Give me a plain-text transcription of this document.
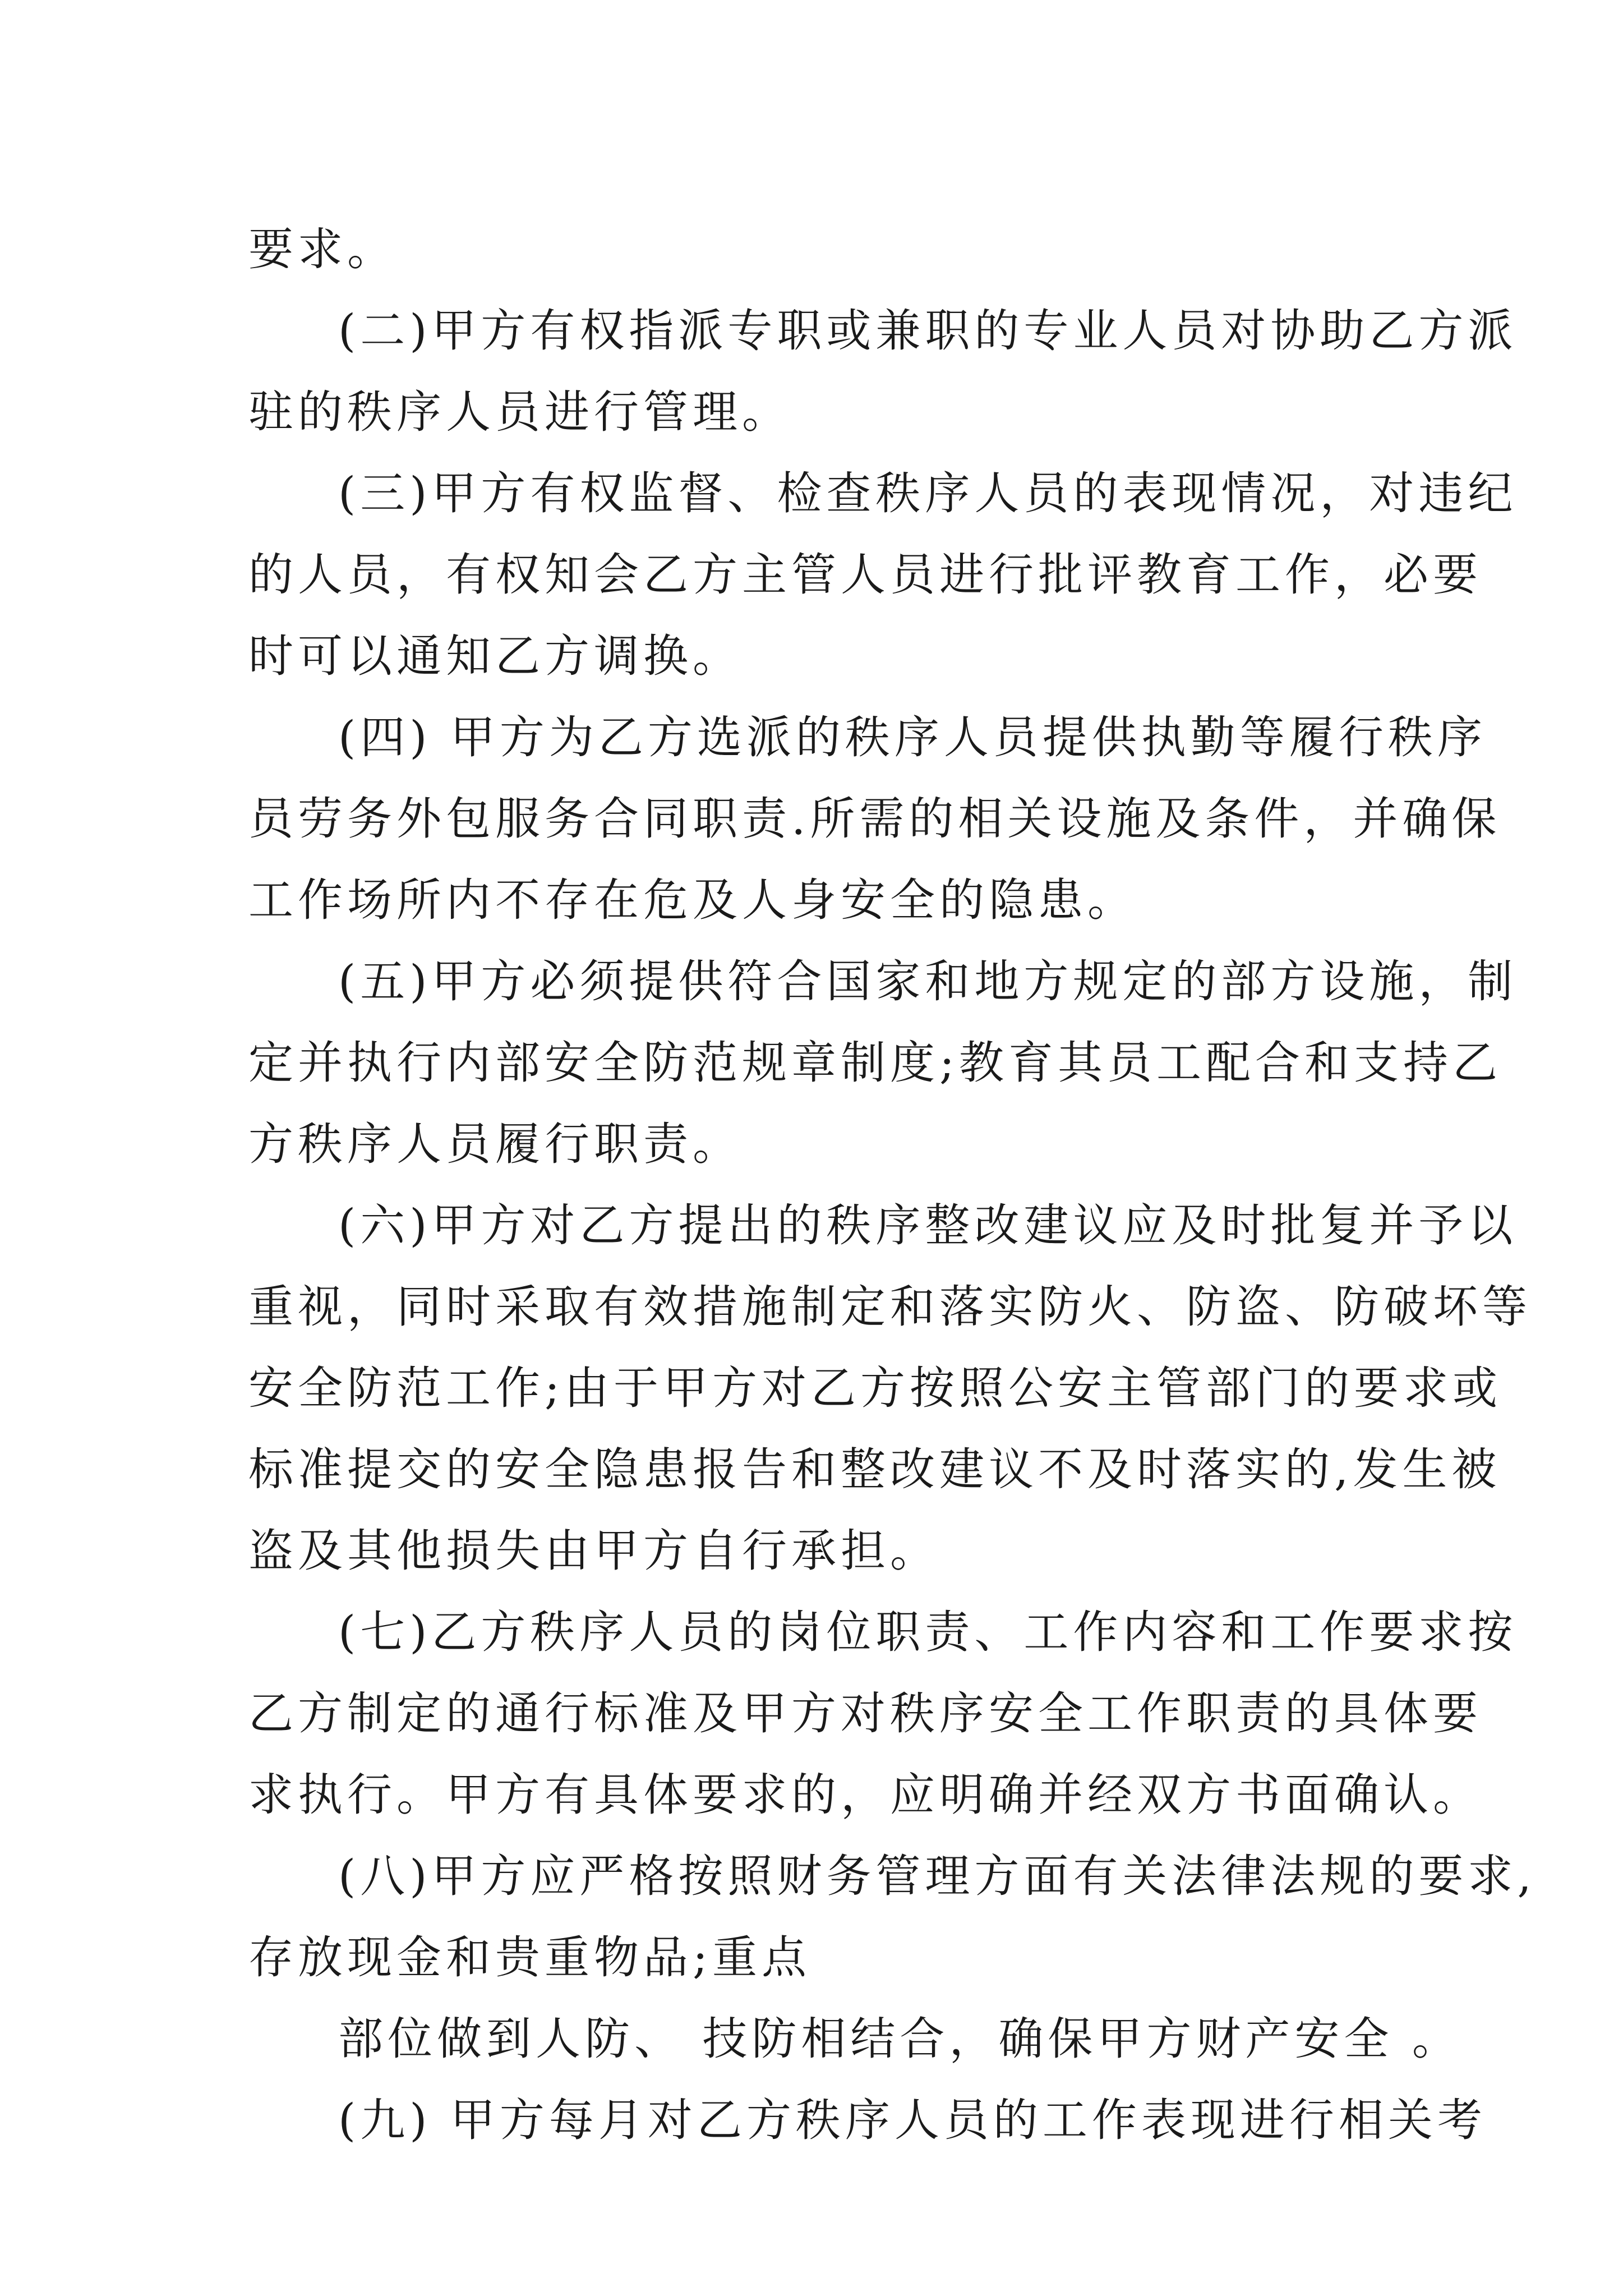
要求。
(二)甲方有权指派专职或兼职的专业人员对协助乙方派
驻的秩序人员进行管理。
(三)甲方有权监督、检查秩序人员的表现情况，对违纪
的人员，有权知会乙方主管人员进行批评教育工作，必要
时可以通知乙方调换。
(四) 甲方为乙方选派的秩序人员提供执勤等履行秩序
员劳务外包服务合同职责.所需的相关设施及条件，并确保
工作场所内不存在危及人身安全的隐患。
(五)甲方必须提供符合国家和地方规定的部方设施，制
定并执行内部安全防范规章制度;教育其员工配合和支持乙
方秩序人员履行职责。
(六)甲方对乙方提出的秩序整改建议应及时批复并予以
重视，同时采取有效措施制定和落实防火、防盗、防破坏等
安全防范工作;由于甲方对乙方按照公安主管部门的要求或
标准提交的安全隐患报告和整改建议不及时落实的,发生被
盗及其他损失由甲方自行承担。
(七)乙方秩序人员的岗位职责、工作内容和工作要求按
乙方制定的通行标准及甲方对秩序安全工作职责的具体要
求执行。甲方有具体要求的，应明确并经双方书面确认。
(八)甲方应严格按照财务管理方面有关法律法规的要求,
存放现金和贵重物品;重点
部位做到人防、 技防相结合，确保甲方财产安全 。
(九) 甲方每月对乙方秩序人员的工作表现进行相关考
